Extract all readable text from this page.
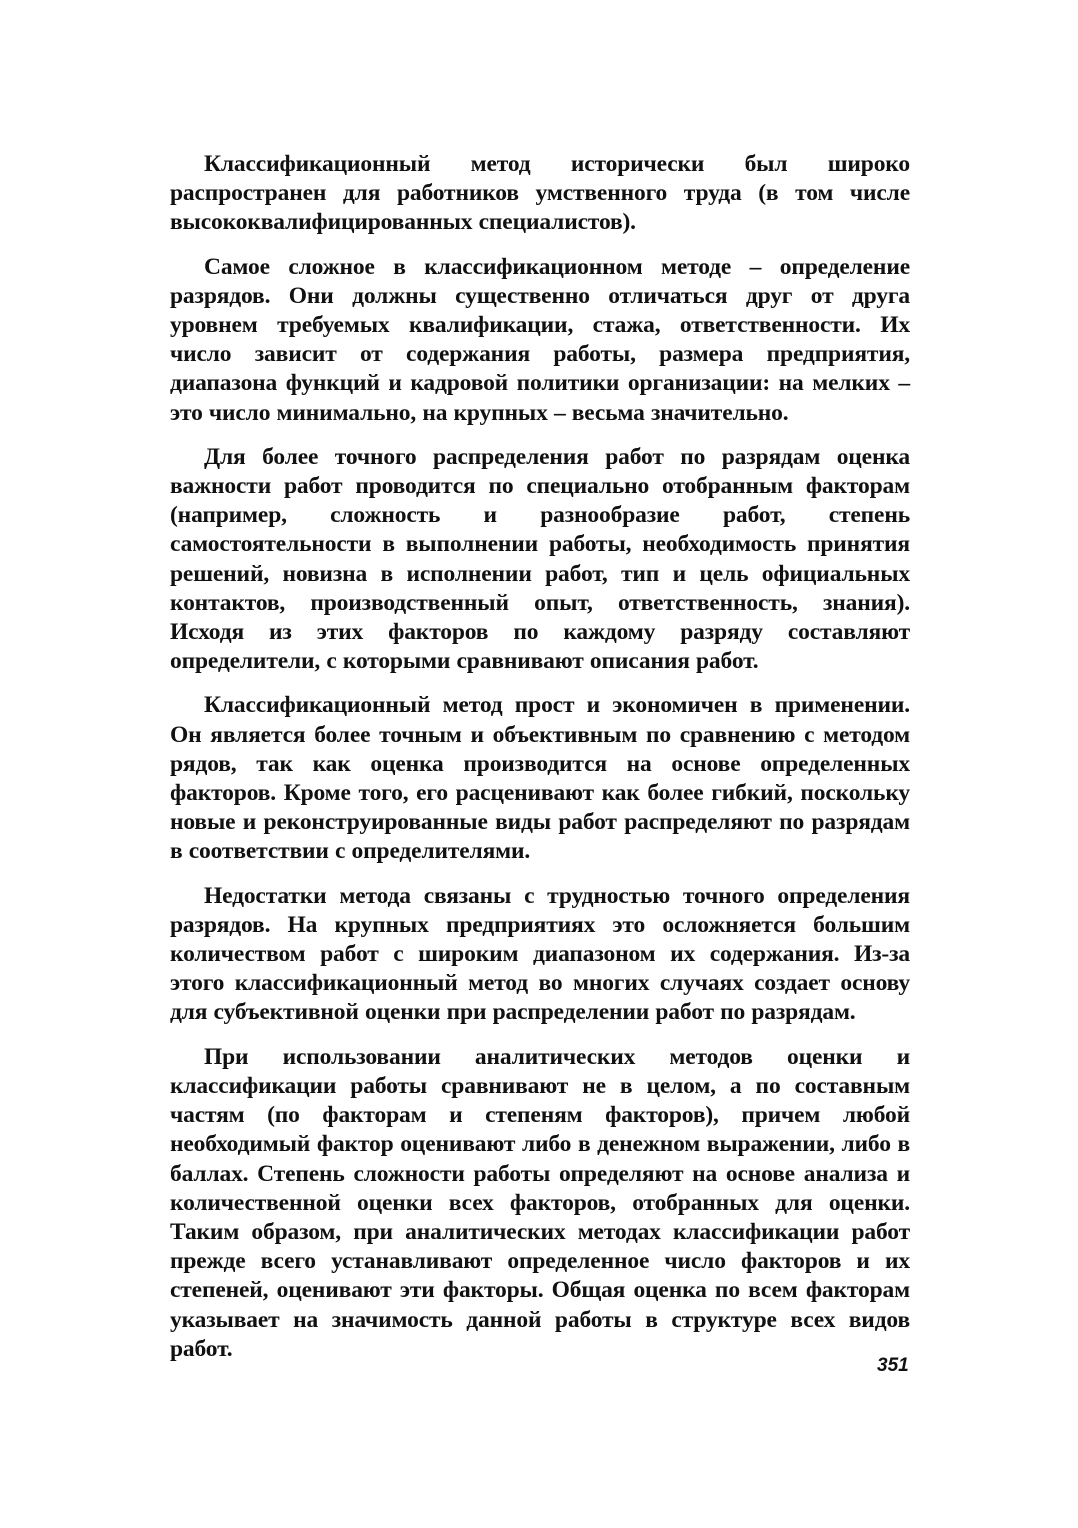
Классификационный метод исторически был широко распространен для работников умственного труда (в том числе высококвалифицированных специалистов).

Самое сложное в классификационном методе – определение разрядов. Они должны существенно отличаться друг от друга уровнем требуемых квалификации, стажа, ответственности. Их число зависит от содержания работы, размера предприятия, диапазона функций и кадровой политики организации: на мелких – это число минимально, на крупных – весьма значительно.

Для более точного распределения работ по разрядам оценка важности работ проводится по специально отобранным факторам (например, сложность и разнообразие работ, степень самостоятельности в выполнении работы, необходимость принятия решений, новизна в исполнении работ, тип и цель официальных контактов, производственный опыт, ответственность, знания). Исходя из этих факторов по каждому разряду составляют определители, с которыми сравнивают описания работ.

Классификационный метод прост и экономичен в применении. Он является более точным и объективным по сравнению с методом рядов, так как оценка производится на основе определенных факторов. Кроме того, его расценивают как более гибкий, поскольку новые и реконструированные виды работ распределяют по разрядам в соответствии с определителями.

Недостатки метода связаны с трудностью точного определения разрядов. На крупных предприятиях это осложняется большим количеством работ с широким диапазоном их содержания. Из-за этого классификационный метод во многих случаях создает основу для субъективной оценки при распределении работ по разрядам.

При использовании аналитических методов оценки и классификации работы сравнивают не в целом, а по составным частям (по факторам и степеням факторов), причем любой необходимый фактор оценивают либо в денежном выражении, либо в баллах. Степень сложности работы определяют на основе анализа и количественной оценки всех факторов, отобранных для оценки. Таким образом, при аналитических методах классификации работ прежде всего устанавливают определенное число факторов и их степеней, оценивают эти факторы. Общая оценка по всем факторам указывает на значимость данной работы в структуре всех видов работ.

351
